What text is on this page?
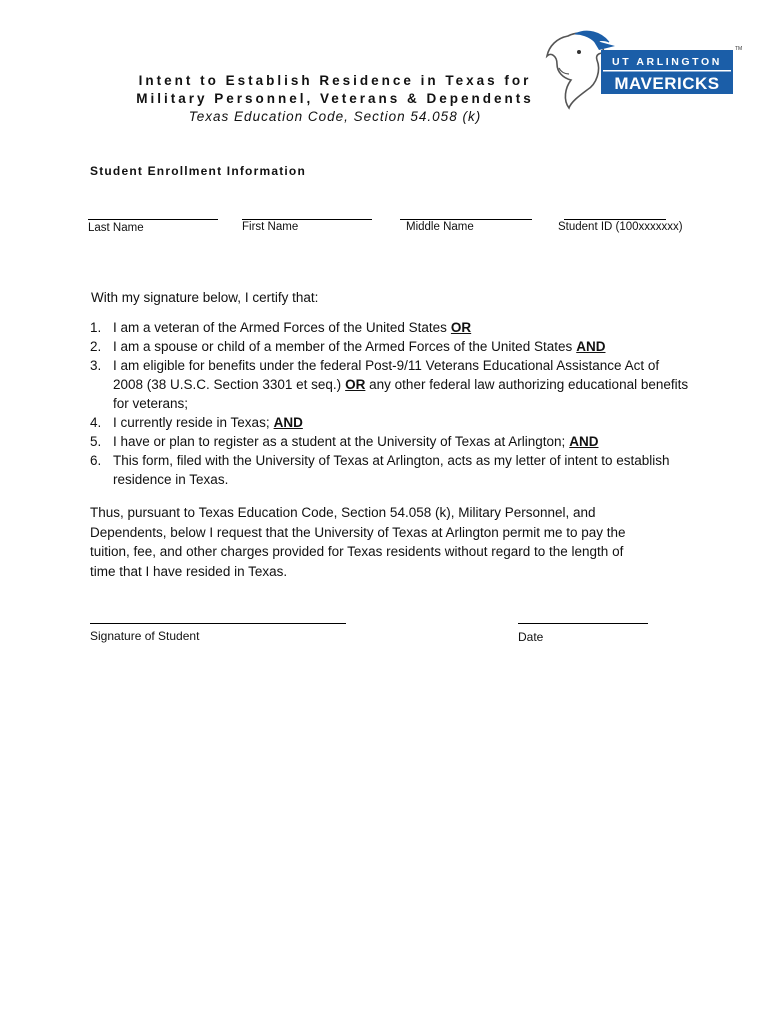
Intent to Establish Residence in Texas for
Military Personnel, Veterans & Dependents
Texas Education Code, Section 54.058 (k)
UT ARLINGTON
MAVERICKS
TM
Student Enrollment Information
Last Name	First Name	Middle Name	Student ID (100xxxxxxx)
With my signature below, I certify that:
1. I am a veteran of the Armed Forces of the United States OR
2. I am a spouse or child of a member of the Armed Forces of the United States AND
3. I am eligible for benefits under the federal Post-9/11 Veterans Educational Assistance Act of 2008 (38 U.S.C. Section 3301 et seq.) OR any other federal law authorizing educational benefits for veterans;
4. I currently reside in Texas; AND
5. I have or plan to register as a student at the University of Texas at Arlington; AND
6. This form, filed with the University of Texas at Arlington, acts as my letter of intent to establish residence in Texas.

Thus, pursuant to Texas Education Code, Section 54.058 (k), Military Personnel, and Dependents, below I request that the University of Texas at Arlington permit me to pay the tuition, fee, and other charges provided for Texas residents without regard to the length of time that I have resided in Texas.

Signature of Student	Date
